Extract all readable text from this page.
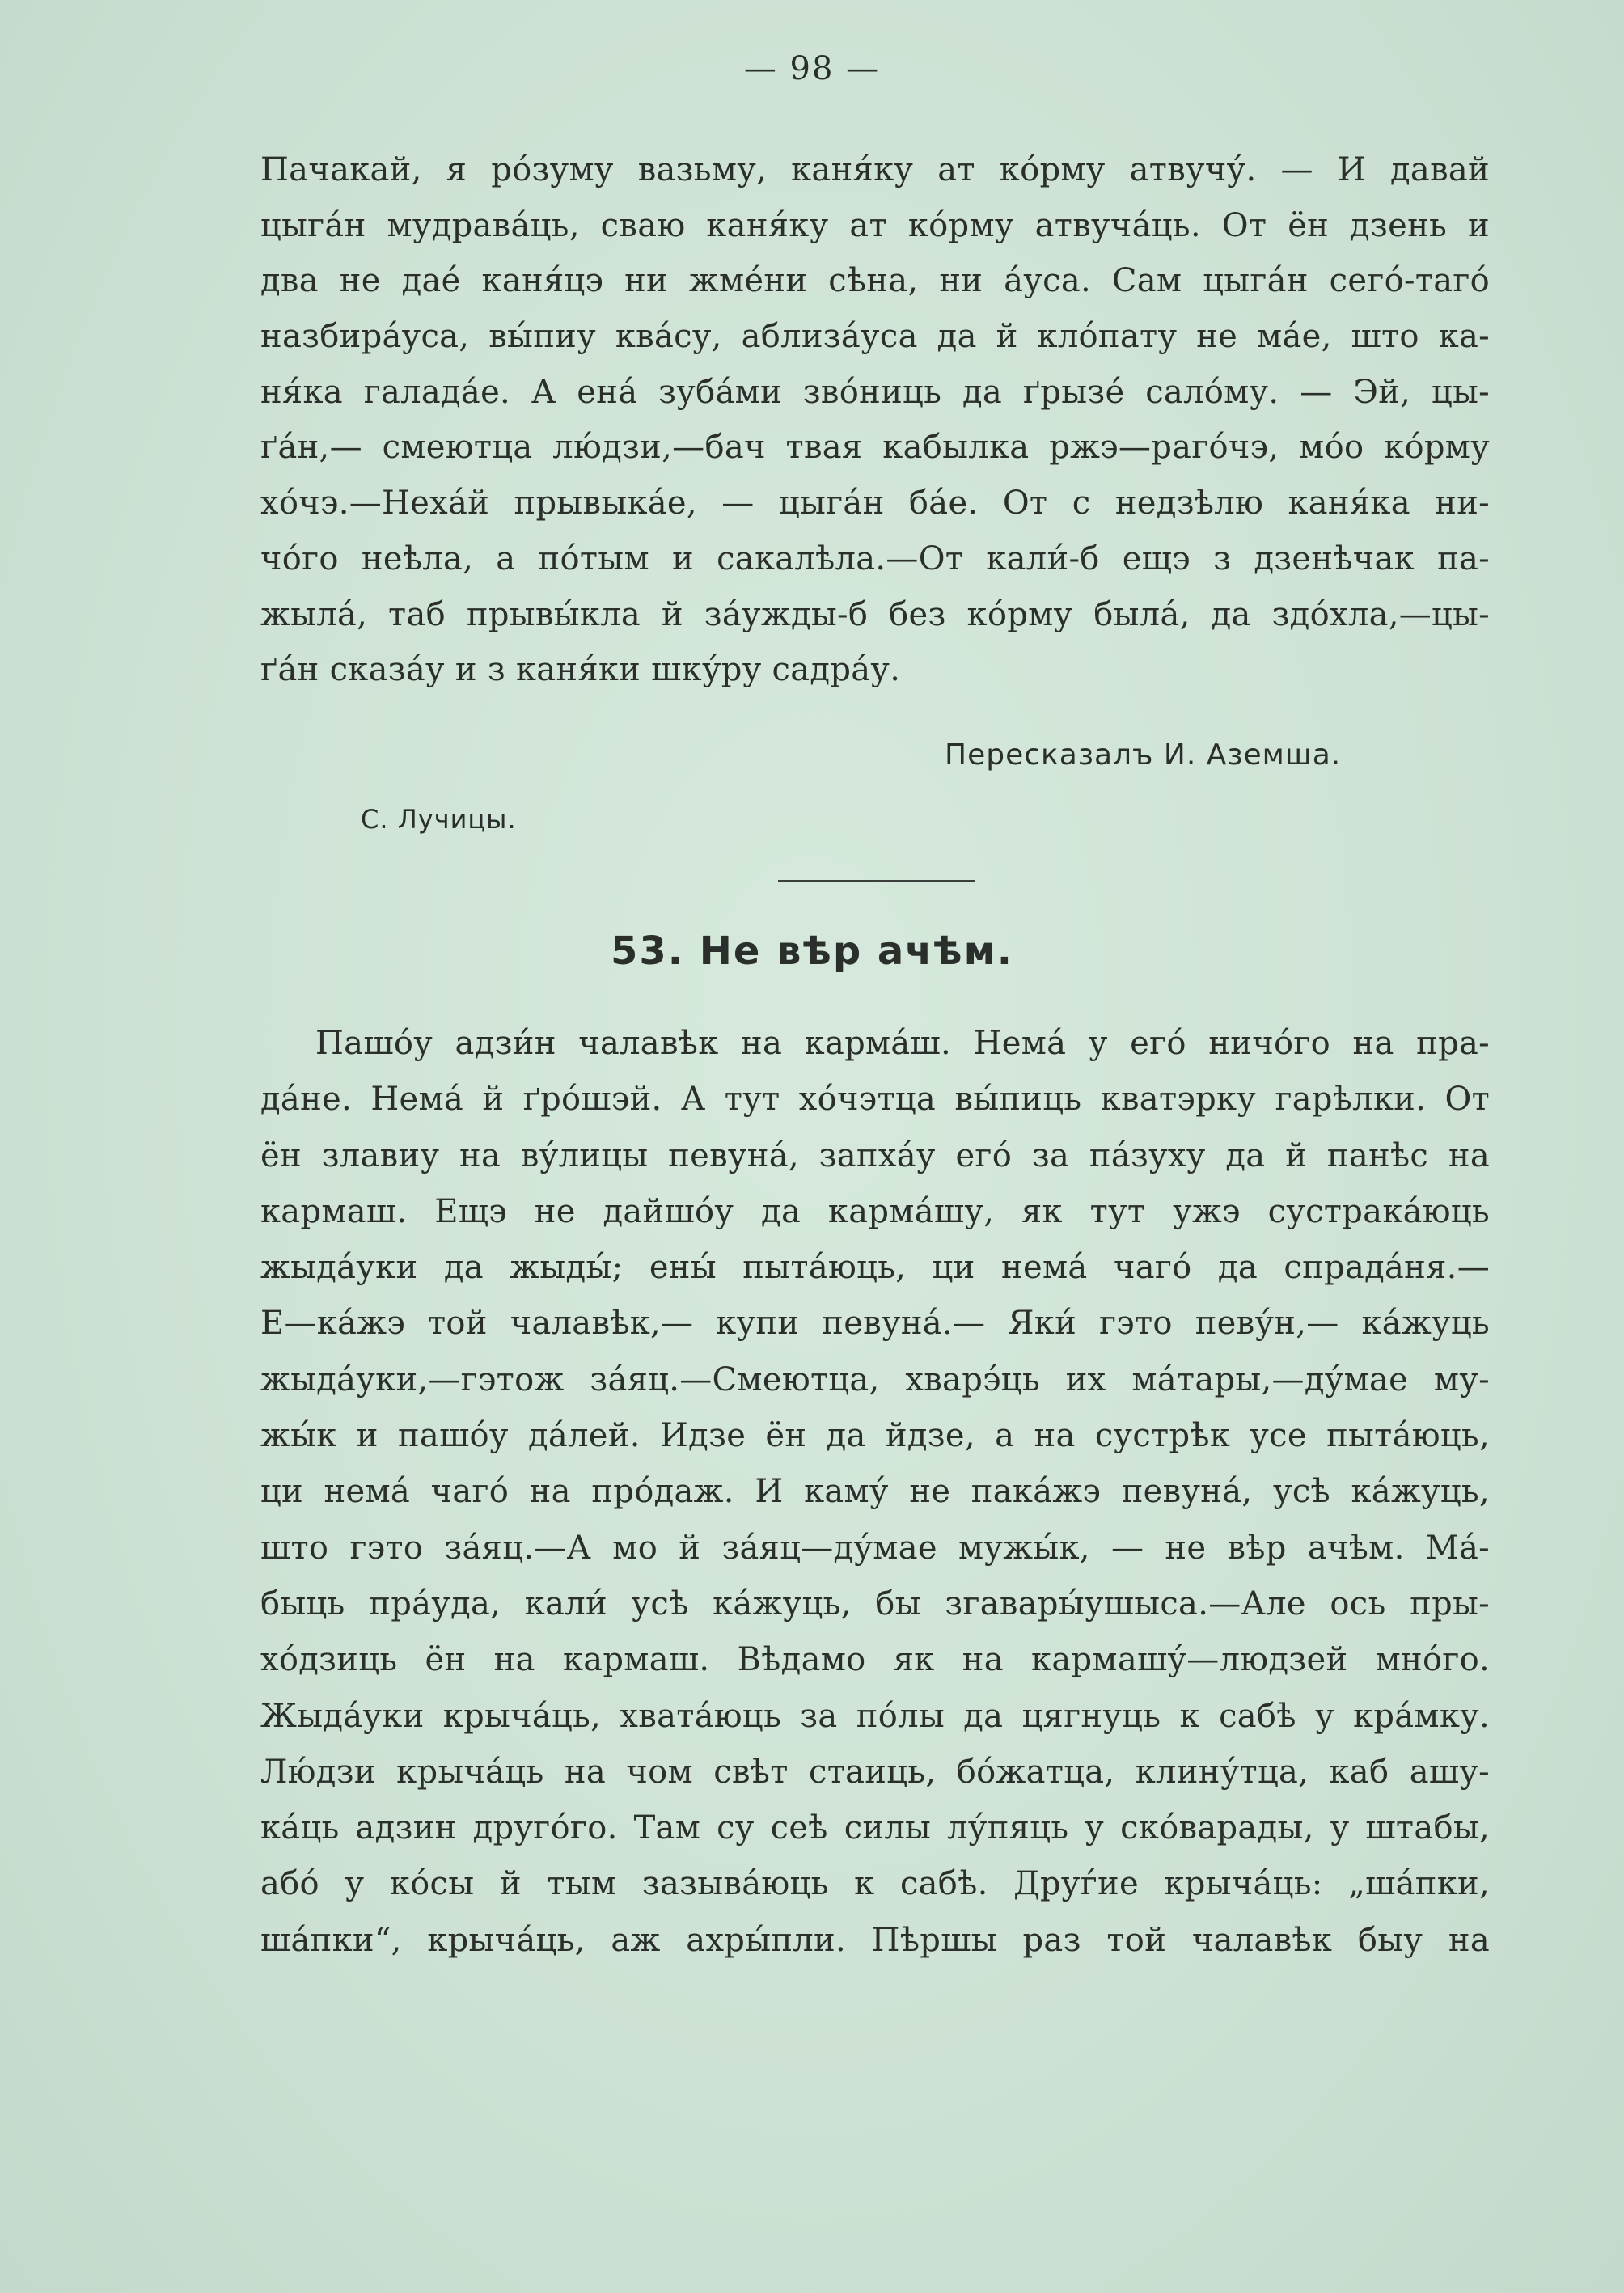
— 98 —
Пачакай, я ро́зуму вазьму, каня́ку ат ко́рму атвучу́. — И давай
цыга́н мудрава́ць, сваю каня́ку ат ко́рму атвуча́ць. От ён дзень и
два не дае́ каня́цэ ни жме́ни сѣна, ни а́уса. Сам цыга́н сего́-таго́
назбира́уса, вы́пиу ква́су, аблиза́уса да й кло́пату не ма́е, што ка-
ня́ка галада́е. А ена́ зуба́ми зво́ниць да ґрызе́ сало́му. — Эй, цы-
ґа́н,— смеютца лю́дзи,—бач твая кабылка ржэ—раго́чэ, мо́о ко́рму
хо́чэ.—Неха́й прывыка́е, — цыга́н ба́е. От с недзѣлю каня́ка ни-
чо́го неѣла, а по́тым и сакалѣла.—От кали́-б ещэ з дзенѣчак па-
жыла́, таб прывы́кла й за́ужды-б без ко́рму была́, да здо́хла,—цы-
ґа́н сказа́у и з каня́ки шку́ру садра́у.
Пересказалъ И. Аземша.
С. Лучицы.
53. Не вѣр ачѣм.
Пашо́у адзи́н чалавѣк на карма́ш. Нема́ у его́ ничо́го на пра-
да́не. Нема́ й ґро́шэй. А тут хо́чэтца вы́пиць кватэрку гарѣлки. От
ён злавиу на ву́лицы певуна́, запха́у его́ за па́зуху да й панѣс на
кармаш. Ещэ не дайшо́у да карма́шу, як тут ужэ сустрака́юць
жыда́уки да жыды́; ены́ пыта́юць, ци нема́ чаго́ да спрада́ня.—
Е—ка́жэ той чалавѣк,— купи певуна́.— Яки́ гэто певу́н,— ка́жуць
жыда́уки,—гэтож за́яц.—Смеютца, хварэ́ць их ма́тары,—ду́мае му-
жы́к и пашо́у да́лей. Идзе ён да йдзе, а на сустрѣк усе пыта́юць,
ци нема́ чаго́ на про́даж. И каму́ не пака́жэ певуна́, усѣ ка́жуць,
што гэто за́яц.—А мо й за́яц—ду́мае мужы́к, — не вѣр ачѣм. Ма́-
быць пра́уда, кали́ усѣ ка́жуць, бы згавары́ушыса.—Але ось пры-
хо́дзиць ён на кармаш. Вѣдамо як на кармашу́—людзей мно́го.
Жыда́уки крыча́ць, хвата́юць за по́лы да цягнуць к сабѣ у кра́мку.
Лю́дзи крыча́ць на чом свѣт стаиць, бо́жатца, клину́тца, каб ашу-
ка́ць адзин друго́го. Там су сеѣ силы лу́пяць у ско́варады, у штабы,
або́ у ко́сы й тым зазыва́юць к сабѣ. Друѓие крыча́ць: „ша́пки,
ша́пки“, крыча́ць, аж ахры́пли. Пѣршы раз той чалавѣк быу на
